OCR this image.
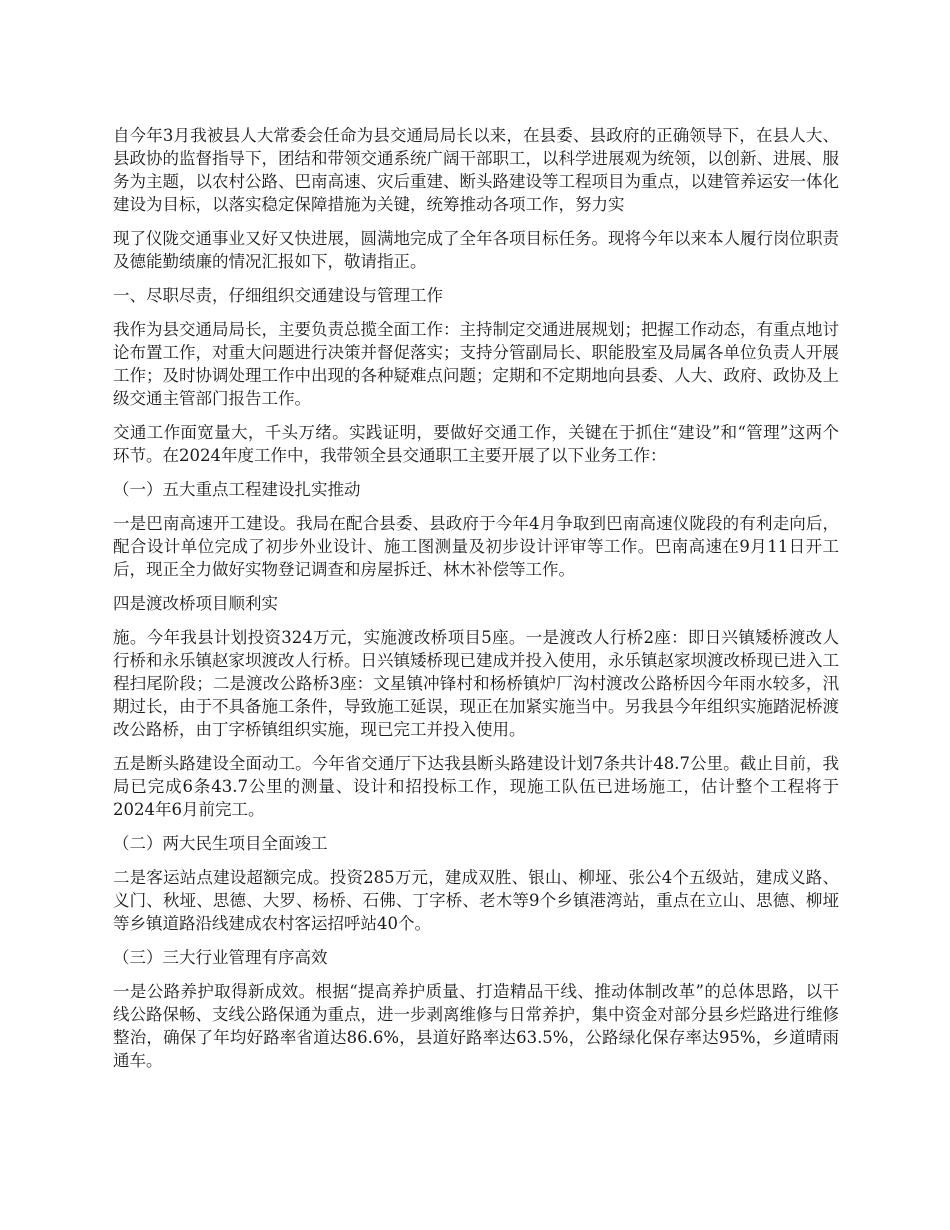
自今年3月我被县人大常委会任命为县交通局局长以来，在县委、县政府的正确领导下，在县人大、县政协的监督指导下，团结和带领交通系统广阔干部职工，以科学进展观为统领，以创新、进展、服务为主题，以农村公路、巴南高速、灾后重建、断头路建设等工程项目为重点，以建管养运安一体化建设为目标，以落实稳定保障措施为关键，统筹推动各项工作，努力实

现了仪陇交通事业又好又快进展，圆满地完成了全年各项目标任务。现将今年以来本人履行岗位职责及德能勤绩廉的情况汇报如下，敬请指正。

一、尽职尽责，仔细组织交通建设与管理工作

我作为县交通局局长，主要负责总揽全面工作：主持制定交通进展规划；把握工作动态，有重点地讨论布置工作，对重大问题进行决策并督促落实；支持分管副局长、职能股室及局属各单位负责人开展工作；及时协调处理工作中出现的各种疑难点问题；定期和不定期地向县委、人大、政府、政协及上级交通主管部门报告工作。

交通工作面宽量大，千头万绪。实践证明，要做好交通工作，关键在于抓住“建设”和“管理”这两个环节。在2024年度工作中，我带领全县交通职工主要开展了以下业务工作：

（一）五大重点工程建设扎实推动

一是巴南高速开工建设。我局在配合县委、县政府于今年4月争取到巴南高速仪陇段的有利走向后，配合设计单位完成了初步外业设计、施工图测量及初步设计评审等工作。巴南高速在9月11日开工后，现正全力做好实物登记调查和房屋拆迁、林木补偿等工作。

四是渡改桥项目顺利实

施。今年我县计划投资324万元，实施渡改桥项目5座。一是渡改人行桥2座：即日兴镇矮桥渡改人行桥和永乐镇赵家坝渡改人行桥。日兴镇矮桥现已建成并投入使用，永乐镇赵家坝渡改桥现已进入工程扫尾阶段；二是渡改公路桥3座：文星镇冲锋村和杨桥镇炉厂沟村渡改公路桥因今年雨水较多，汛期过长，由于不具备施工条件，导致施工延误，现正在加紧实施当中。另我县今年组织实施踏泥桥渡改公路桥，由丁字桥镇组织实施，现已完工并投入使用。

五是断头路建设全面动工。今年省交通厅下达我县断头路建设计划7条共计48.7公里。截止目前，我局已完成6条43.7公里的测量、设计和招投标工作，现施工队伍已进场施工，估计整个工程将于2024年6月前完工。

（二）两大民生项目全面竣工

二是客运站点建设超额完成。投资285万元，建成双胜、银山、柳垭、张公4个五级站，建成义路、义门、秋垭、思德、大罗、杨桥、石佛、丁字桥、老木等9个乡镇港湾站，重点在立山、思德、柳垭等乡镇道路沿线建成农村客运招呼站40个。

（三）三大行业管理有序高效

一是公路养护取得新成效。根据“提高养护质量、打造精品干线、推动体制改革”的总体思路，以干线公路保畅、支线公路保通为重点，进一步剥离维修与日常养护，集中资金对部分县乡烂路进行维修整治，确保了年均好路率省道达86.6%，县道好路率达63.5%，公路绿化保存率达95%，乡道晴雨通车。
